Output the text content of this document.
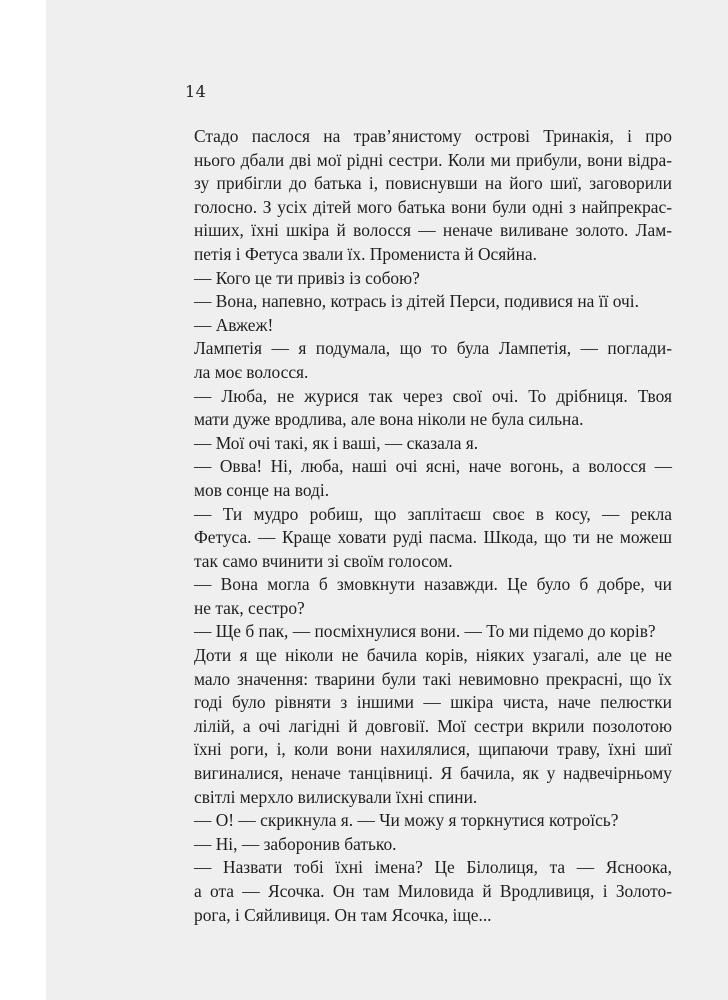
14
Стадо паслося на трав’янистому острові Тринакія, і про
нього дбали дві мої рідні сестри. Коли ми прибули, вони відра-
зу прибігли до батька і, повиснувши на його шиї, заговорили
голосно. З усіх дітей мого батька вони були одні з найпрекрас-
ніших, їхні шкіра й волосся — неначе виливане золото. Лам-
петія і Фетуса звали їх. Промениста й Осяйна.
— Кого це ти привіз із собою?
— Вона, напевно, котрась із дітей Перси, подивися на її очі.
— Авжеж!
Лампетія — я подумала, що то була Лампетія, — поглади-
ла моє волосся.
— Люба, не журися так через свої очі. То дрібниця. Твоя
мати дуже вродлива, але вона ніколи не була сильна.
— Мої очі такі, як і ваші, — сказала я.
— Овва! Ні, люба, наші очі ясні, наче вогонь, а волосся —
мов сонце на воді.
— Ти мудро робиш, що заплітаєш своє в косу, — рекла
Фетуса. — Краще ховати руді пасма. Шкода, що ти не можеш
так само вчинити зі своїм голосом.
— Вона могла б змовкнути назавжди. Це було б добре, чи
не так, сестро?
— Ще б пак, — посміхнулися вони. — То ми підемо до корів?
Доти я ще ніколи не бачила корів, ніяких узагалі, але це не
мало значення: тварини були такі невимовно прекрасні, що їх
годі було рівняти з іншими — шкіра чиста, наче пелюстки
лілій, а очі лагідні й довговії. Мої сестри вкрили позолотою
їхні роги, і, коли вони нахилялися, щипаючи траву, їхні шиї
вигиналися, неначе танцівниці. Я бачила, як у надвечірньому
світлі мерхло вилискували їхні спини.
— О! — скрикнула я. — Чи можу я торкнутися котроїсь?
— Ні, — заборонив батько.
— Назвати тобі їхні імена? Це Білолиця, та — Ясноока,
а ота — Ясочка. Он там Миловида й Вродливиця, і Золото-
рога, і Сяйливиця. Он там Ясочка, іще...
